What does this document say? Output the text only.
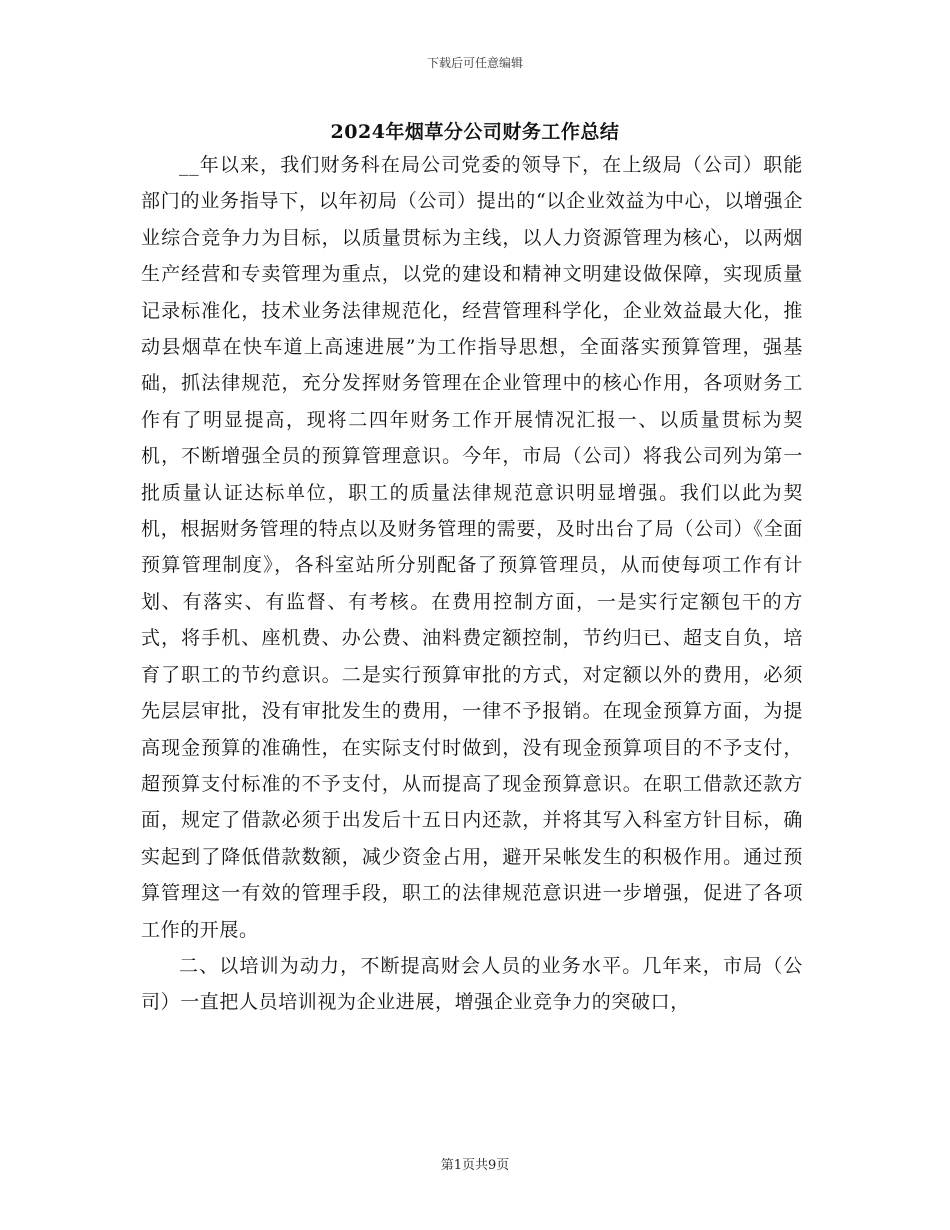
下载后可任意编辑
2024年烟草分公司财务工作总结

__年以来，我们财务科在局公司党委的领导下，在上级局（公司）职能部门的业务指导下，以年初局（公司）提出的“以企业效益为中心，以增强企业综合竞争力为目标，以质量贯标为主线，以人力资源管理为核心，以两烟生产经营和专卖管理为重点，以党的建设和精神文明建设做保障，实现质量记录标准化，技术业务法律规范化，经营管理科学化，企业效益最大化，推动县烟草在快车道上高速进展”为工作指导思想，全面落实预算管理，强基础，抓法律规范，充分发挥财务管理在企业管理中的核心作用，各项财务工作有了明显提高，现将二四年财务工作开展情况汇报一、以质量贯标为契机，不断增强全员的预算管理意识。今年，市局（公司）将我公司列为第一批质量认证达标单位，职工的质量法律规范意识明显增强。我们以此为契机，根据财务管理的特点以及财务管理的需要，及时出台了局（公司）《全面预算管理制度》，各科室站所分别配备了预算管理员，从而使每项工作有计划、有落实、有监督、有考核。在费用控制方面，一是实行定额包干的方式，将手机、座机费、办公费、油料费定额控制，节约归已、超支自负，培育了职工的节约意识。二是实行预算审批的方式，对定额以外的费用，必须先层层审批，没有审批发生的费用，一律不予报销。在现金预算方面，为提高现金预算的准确性，在实际支付时做到，没有现金预算项目的不予支付，超预算支付标准的不予支付，从而提高了现金预算意识。在职工借款还款方面，规定了借款必须于出发后十五日内还款，并将其写入科室方针目标，确实起到了降低借款数额，减少资金占用，避开呆帐发生的积极作用。通过预算管理这一有效的管理手段，职工的法律规范意识进一步增强，促进了各项工作的开展。

二、以培训为动力，不断提高财会人员的业务水平。几年来，市局（公司）一直把人员培训视为企业进展，增强企业竞争力的突破口，

第1页共9页
